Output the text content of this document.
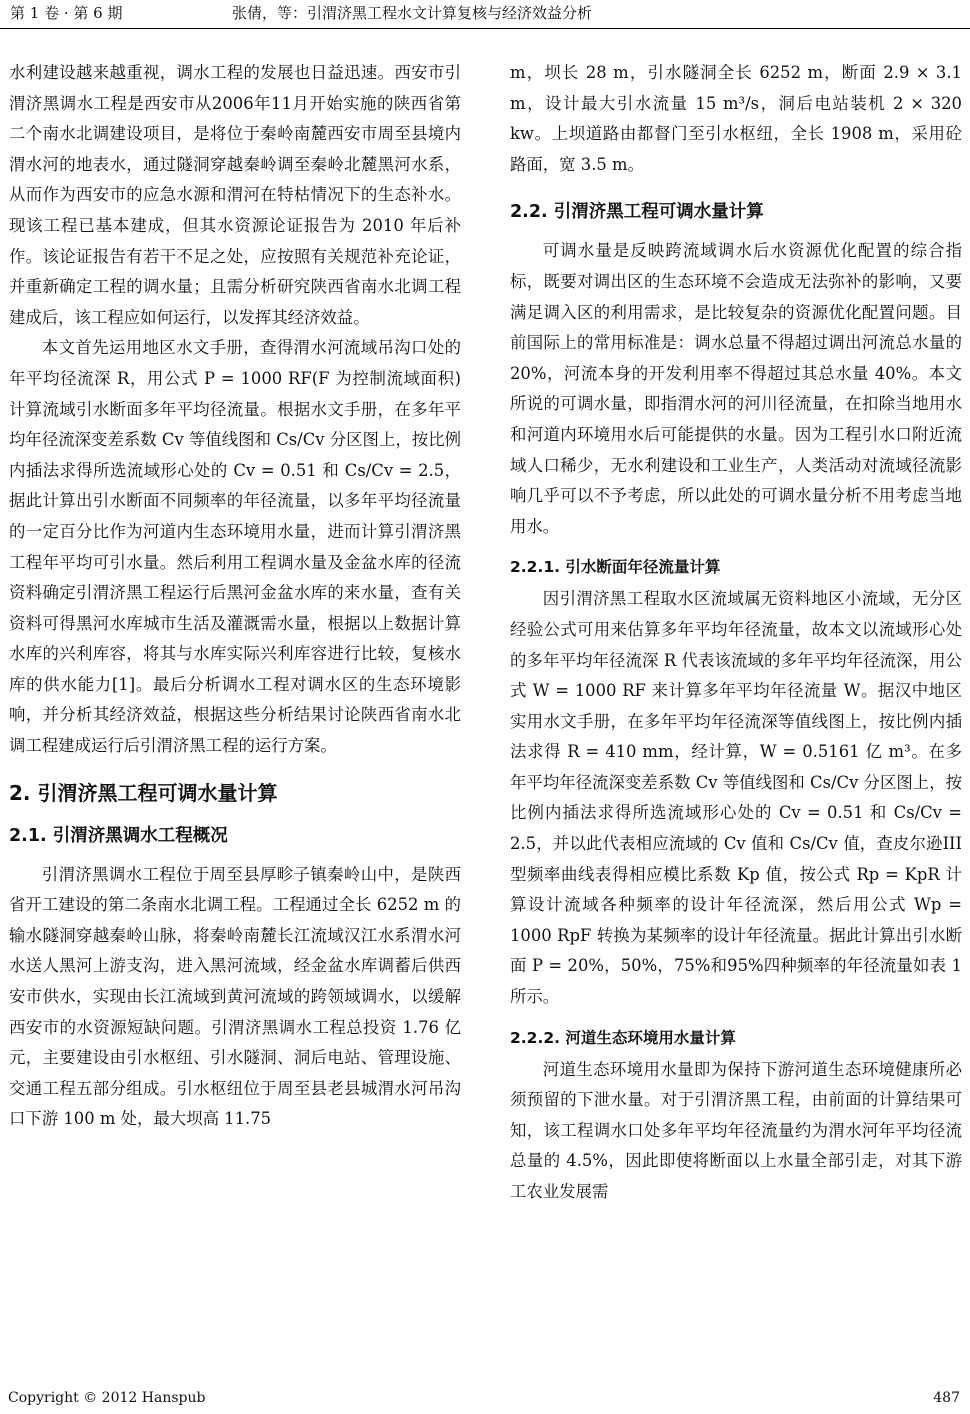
第 1 卷 · 第 6 期	张倩，等：引渭济黑工程水文计算复核与经济效益分析

水利建设越来越重视，调水工程的发展也日益迅速。西安市引渭济黑调水工程是西安市从2006年11月开始实施的陕西省第二个南水北调建设项目，是将位于秦岭南麓西安市周至县境内渭水河的地表水，通过隧洞穿越秦岭调至秦岭北麓黑河水系，从而作为西安市的应急水源和渭河在特枯情况下的生态补水。现该工程已基本建成，但其水资源论证报告为 2010 年后补作。该论证报告有若干不足之处，应按照有关规范补充论证，并重新确定工程的调水量；且需分析研究陕西省南水北调工程建成后，该工程应如何运行，以发挥其经济效益。

本文首先运用地区水文手册，查得渭水河流域吊沟口处的年平均径流深 R，用公式 P = 1000 RF(F 为控制流域面积)计算流域引水断面多年平均径流量。根据水文手册，在多年平均年径流深变差系数 Cv 等值线图和 Cs/Cv 分区图上，按比例内插法求得所选流域形心处的 Cv = 0.51 和 Cs/Cv = 2.5，据此计算出引水断面不同频率的年径流量，以多年平均径流量的一定百分比作为河道内生态环境用水量，进而计算引渭济黑工程年平均可引水量。然后利用工程调水量及金盆水库的径流资料确定引渭济黑工程运行后黑河金盆水库的来水量，查有关资料可得黑河水库城市生活及灌溉需水量，根据以上数据计算水库的兴利库容，将其与水库实际兴利库容进行比较，复核水库的供水能力[1]。最后分析调水工程对调水区的生态环境影响，并分析其经济效益，根据这些分析结果讨论陕西省南水北调工程建成运行后引渭济黑工程的运行方案。

2. 引渭济黑工程可调水量计算
2.1. 引渭济黑调水工程概况

引渭济黑调水工程位于周至县厚畛子镇秦岭山中，是陕西省开工建设的第二条南水北调工程。工程通过全长 6252 m 的输水隧洞穿越秦岭山脉，将秦岭南麓长江流域汉江水系渭水河水送人黑河上游支沟，进入黑河流域，经金盆水库调蓄后供西安市供水，实现由长江流域到黄河流域的跨领域调水，以缓解西安市的水资源短缺问题。引渭济黑调水工程总投资 1.76 亿元，主要建设由引水枢纽、引水隧洞、洞后电站、管理设施、交通工程五部分组成。引水枢纽位于周至县老县城渭水河吊沟口下游 100 m 处，最大坝高 11.75

m，坝长 28 m，引水隧洞全长 6252 m，断面 2.9 × 3.1 m，设计最大引水流量 15 m³/s，洞后电站装机 2 × 320 kw。上坝道路由都督门至引水枢纽，全长 1908 m，采用砼路面，宽 3.5 m。

2.2. 引渭济黑工程可调水量计算

可调水量是反映跨流域调水后水资源优化配置的综合指标，既要对调出区的生态环境不会造成无法弥补的影响，又要满足调入区的利用需求，是比较复杂的资源优化配置问题。目前国际上的常用标准是：调水总量不得超过调出河流总水量的 20%，河流本身的开发利用率不得超过其总水量 40%。本文所说的可调水量，即指渭水河的河川径流量，在扣除当地用水和河道内环境用水后可能提供的水量。因为工程引水口附近流域人口稀少，无水利建设和工业生产，人类活动对流域径流影响几乎可以不予考虑，所以此处的可调水量分析不用考虑当地用水。

2.2.1. 引水断面年径流量计算

因引渭济黑工程取水区流域属无资料地区小流域，无分区经验公式可用来估算多年平均年径流量，故本文以流域形心处的多年平均年径流深 R 代表该流域的多年平均年径流深，用公式 W = 1000 RF 来计算多年平均年径流量 W。据汉中地区实用水文手册，在多年平均年径流深等值线图上，按比例内插法求得 R = 410 mm，经计算，W = 0.5161 亿 m³。在多年平均年径流深变差系数 Cv 等值线图和 Cs/Cv 分区图上，按比例内插法求得所选流域形心处的 Cv = 0.51 和 Cs/Cv = 2.5，并以此代表相应流域的 Cv 值和 Cs/Cv 值，查皮尔逊III型频率曲线表得相应模比系数 Kp 值，按公式 Rp = KpR 计算设计流域各种频率的设计年径流深，然后用公式 Wp = 1000 RpF 转换为某频率的设计年径流量。据此计算出引水断面 P = 20%，50%，75%和95%四种频率的年径流量如表 1 所示。

2.2.2. 河道生态环境用水量计算

河道生态环境用水量即为保持下游河道生态环境健康所必须预留的下泄水量。对于引渭济黑工程，由前面的计算结果可知，该工程调水口处多年平均年径流量约为渭水河年平均径流总量的 4.5%，因此即使将断面以上水量全部引走，对其下游工农业发展需

Copyright © 2012 Hanspub	487
